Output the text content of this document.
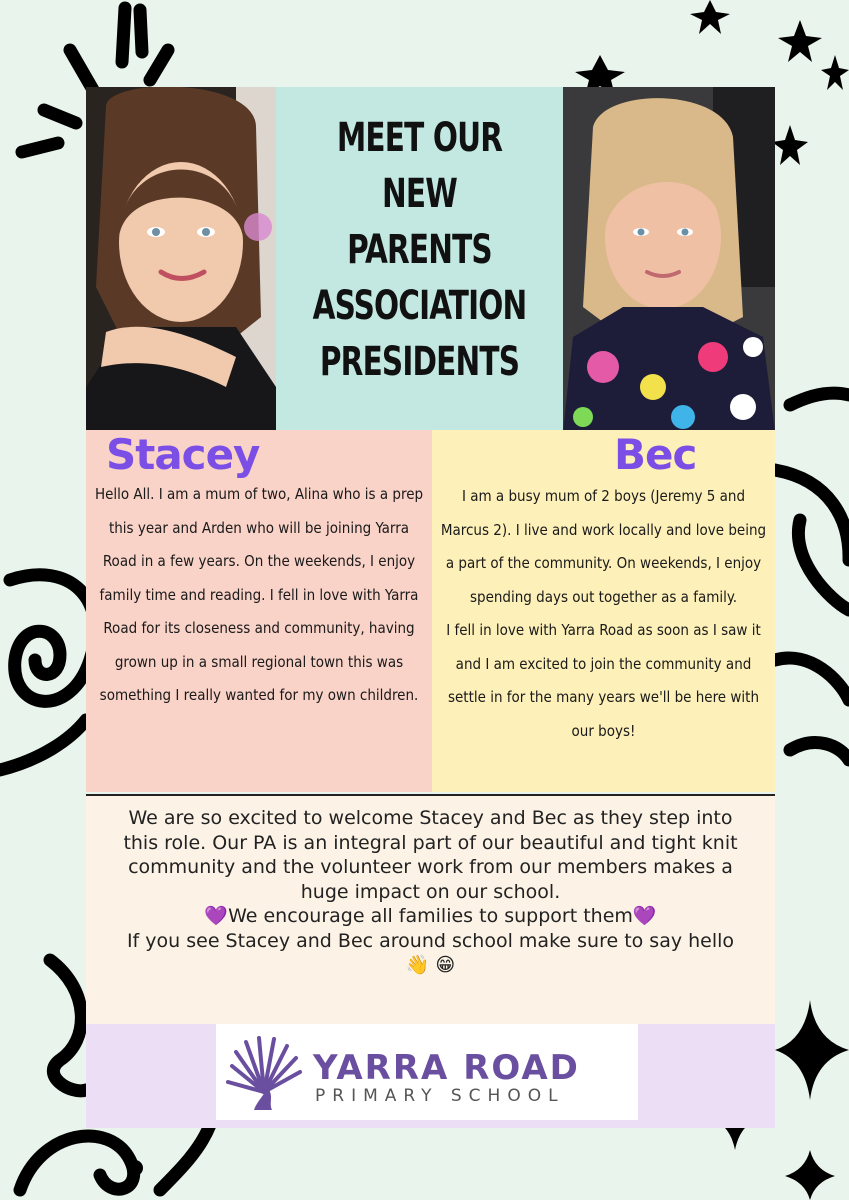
MEET OUR NEW
PARENTS
ASSOCIATION
PRESIDENTS
Stacey
Hello All. I am a mum of two, Alina who is a prep this year and Arden who will be joining Yarra Road in a few years. On the weekends, I enjoy family time and reading. I fell in love with Yarra Road for its closeness and community, having grown up in a small regional town this was something I really wanted for my own children.
Bec
I am a busy mum of 2 boys (Jeremy 5 and Marcus 2). I live and work locally and love being a part of the community. On weekends, I enjoy spending days out together as a family.
I fell in love with Yarra Road as soon as I saw it and I am excited to join the community and settle in for the many years we'll be here with our boys!
We are so excited to welcome Stacey and Bec as they step into this role. Our PA is an integral part of our beautiful and tight knit community and the volunteer work from our members makes a huge impact on our school.
💜We encourage all families to support them💜
If you see Stacey and Bec around school make sure to say hello 👋 😁
YARRA ROAD
PRIMARY SCHOOL
